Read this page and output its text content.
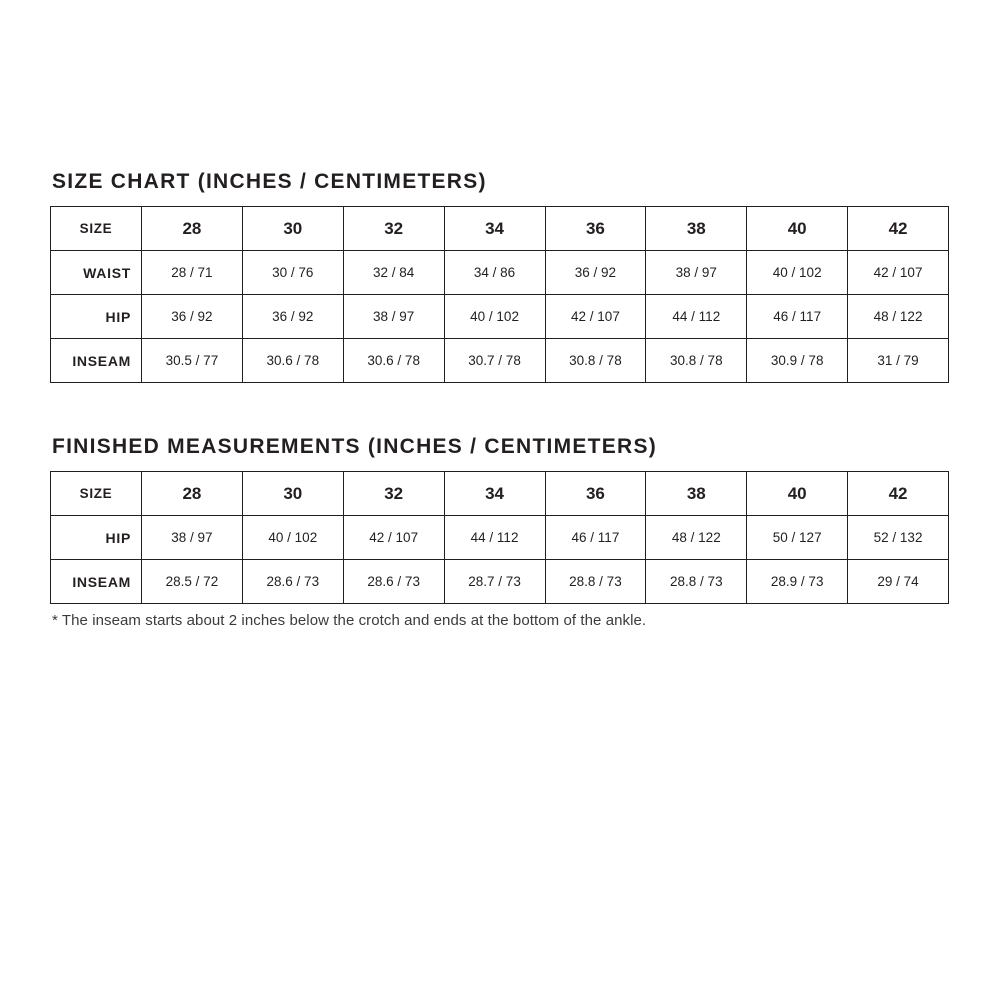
SIZE CHART (INCHES / CENTIMETERS)
SIZE	28	30	32	34	36	38	40	42
WAIST	28 / 71	30 / 76	32 / 84	34 / 86	36 / 92	38 / 97	40 / 102	42 / 107
HIP	36 / 92	36 / 92	38 / 97	40 / 102	42 / 107	44 / 112	46 / 117	48 / 122
INSEAM	30.5 / 77	30.6 / 78	30.6 / 78	30.7 / 78	30.8 / 78	30.8 / 78	30.9 / 78	31 / 79
FINISHED MEASUREMENTS (INCHES / CENTIMETERS)
SIZE	28	30	32	34	36	38	40	42
HIP	38 / 97	40 / 102	42 / 107	44 / 112	46 / 117	48 / 122	50 / 127	52 / 132
INSEAM	28.5 / 72	28.6 / 73	28.6 / 73	28.7 / 73	28.8 / 73	28.8 / 73	28.9 / 73	29 / 74
* The inseam starts about 2 inches below the crotch and ends at the bottom of the ankle.
